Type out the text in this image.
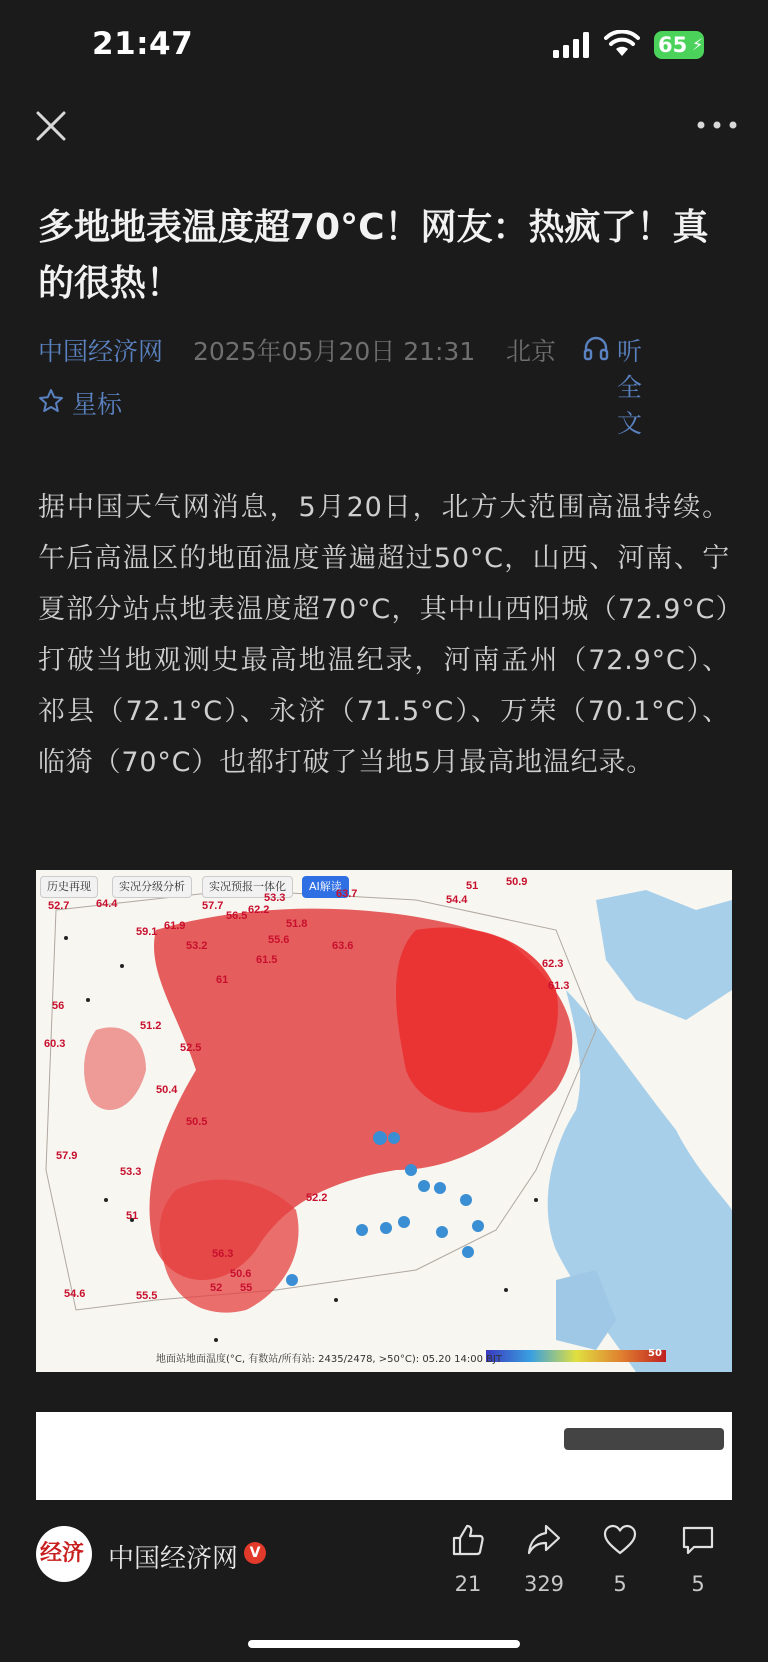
21:47	65 ⚡
多地地表温度超70°C！网友：热疯了！真的很热！
中国经济网 2025年05月20日 21:31 北京 听全文
星标

据中国天气网消息，5月20日，北方大范围高温持续。午后高温区的地面温度普遍超过50°C，山西、河南、宁夏部分站点地表温度超70°C，其中山西阳城（72.9°C）打破当地观测史最高地温纪录，河南孟州（72.9°C）、祁县（72.1°C）、永济（71.5°C）、万荣（70.1°C）、临猗（70°C）也都打破了当地5月最高地温纪录。

历史再现	实况分级分析	实况预报一体化	AI解读
50
地面站地面温度(°C, 有数站/所有站: 2435/2478, >50°C): 05.20 14:00 BJT
52.7 64.4
59.1 61.9
57.7
56.5 62.2
53.3
51.8
55.6
63.7
51	50.9
54.4
61.5
53.2
61
56
60.3
51.2
52.5
50.4
57.9
53.3
51
56.3
50.6
55
52
54.6	55.5
52.2
63.6
62.3
50.5
61.3
经济 中国经济网 V
21	329	5	5
